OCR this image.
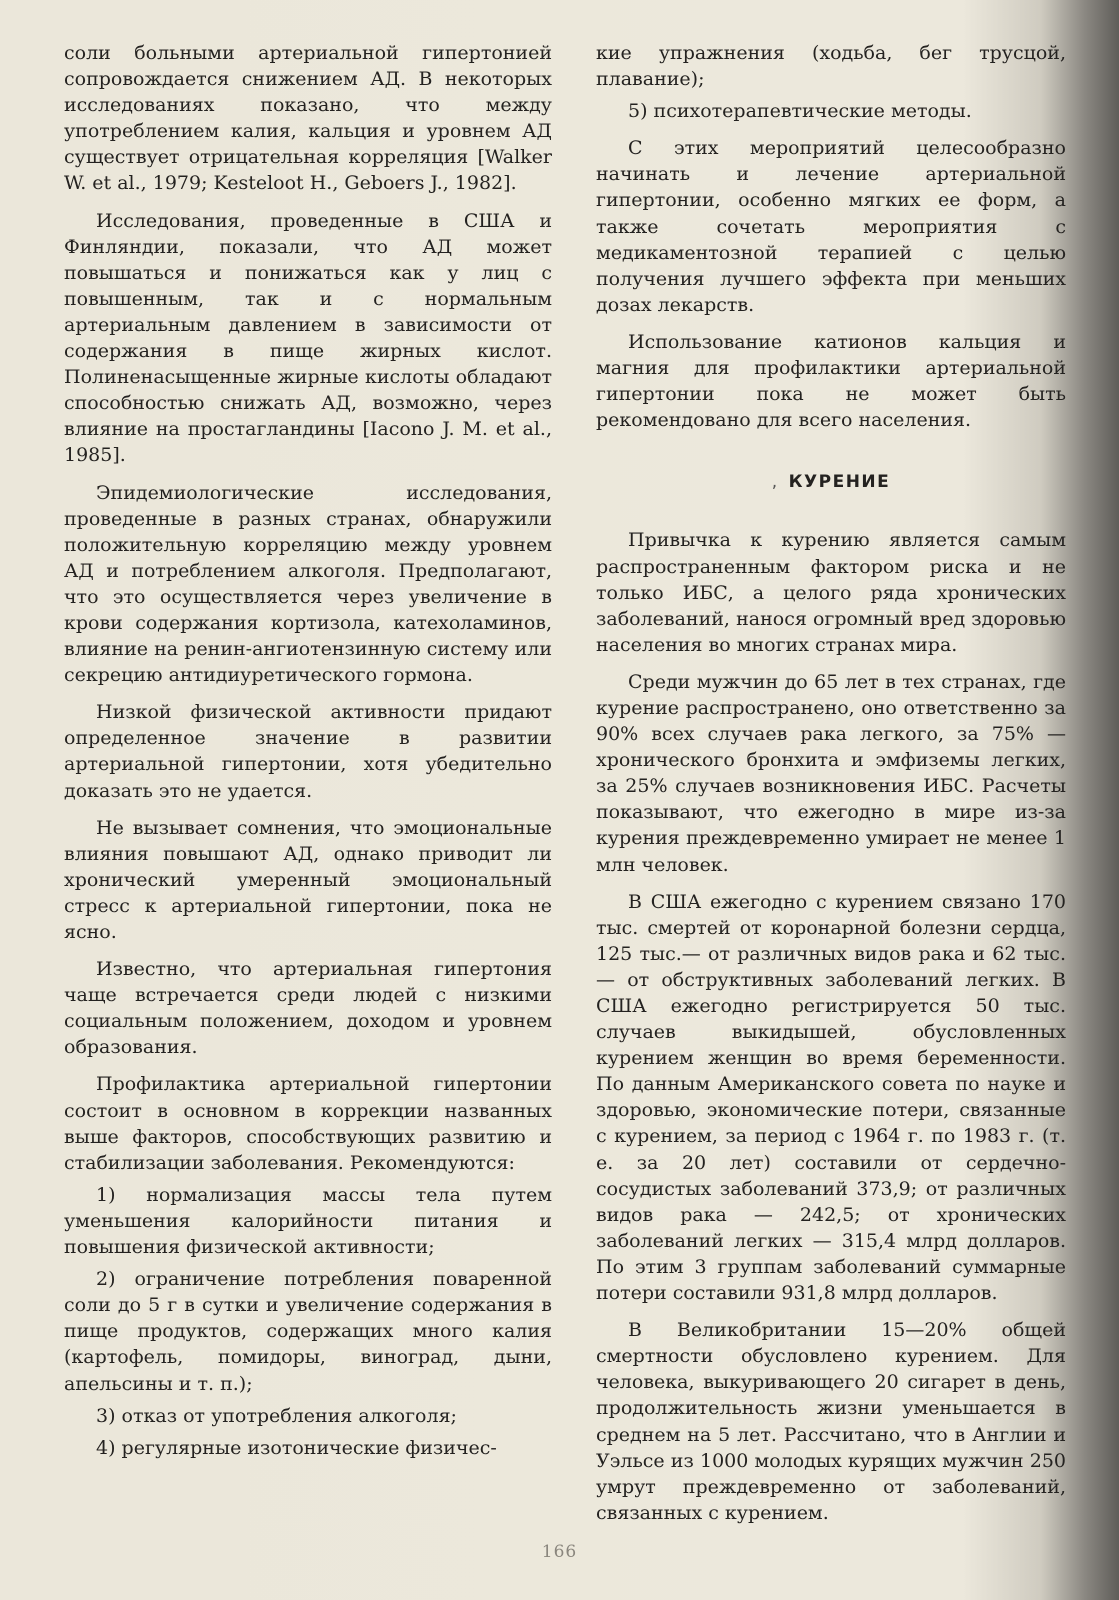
соли больными артериальной гипертонией сопровождается снижением АД. В некоторых исследованиях показано, что между употреблением калия, кальция и уровнем АД существует отрицательная корреляция [Walker W. et al., 1979; Kesteloot Н., Geboers J., 1982].

Исследования, проведенные в США и Финляндии, показали, что АД может повышаться и понижаться как у лиц с повышенным, так и с нормальным артериальным давлением в зависимости от содержания в пище жирных кислот. Полиненасыщенные жирные кислоты обладают способностью снижать АД, возможно, через влияние на простагландины [Iacono J. M. et al., 1985].

Эпидемиологические исследования, проведенные в разных странах, обнаружили положительную корреляцию между уровнем АД и потреблением алкоголя. Предполагают, что это осуществляется через увеличение в крови содержания кортизола, катехоламинов, влияние на ренин-ангиотензинную систему или секрецию антидиуретического гормона.

Низкой физической активности придают определенное значение в развитии артериальной гипертонии, хотя убедительно доказать это не удается.

Не вызывает сомнения, что эмоциональные влияния повышают АД, однако приводит ли хронический умеренный эмоциональный стресс к артериальной гипертонии, пока не ясно.

Известно, что артериальная гипертония чаще встречается среди людей с низкими социальным положением, доходом и уровнем образования.

Профилактика артериальной гипертонии состоит в основном в коррекции названных выше факторов, способствующих развитию и стабилизации заболевания. Рекомендуются:

1) нормализация массы тела путем уменьшения калорийности питания и повышения физической активности;

2) ограничение потребления поваренной соли до 5 г в сутки и увеличение содержания в пище продуктов, содержащих много калия (картофель, помидоры, виноград, дыни, апельсины и т. п.);

3) отказ от употребления алкоголя;

4) регулярные изотонические физичес-

кие упражнения (ходьба, бег трусцой, плавание);

5) психотерапевтические методы.

С этих мероприятий целесообразно начинать и лечение артериальной гипертонии, особенно мягких ее форм, а также сочетать мероприятия с медикаментозной терапией с целью получения лучшего эффекта при меньших дозах лекарств.

Использование катионов кальция и магния для профилактики артериальной гипертонии пока не может быть рекомендовано для всего населения.

, КУРЕНИЕ

Привычка к курению является самым распространенным фактором риска и не только ИБС, а целого ряда хронических заболеваний, нанося огромный вред здоровью населения во многих странах мира.

Среди мужчин до 65 лет в тех странах, где курение распространено, оно ответственно за 90% всех случаев рака легкого, за 75% — хронического бронхита и эмфиземы легких, за 25% случаев возникновения ИБС. Расчеты показывают, что ежегодно в мире из-за курения преждевременно умирает не менее 1 млн человек.

В США ежегодно с курением связано 170 тыс. смертей от коронарной болезни сердца, 125 тыс.— от различных видов рака и 62 тыс.— от обструктивных заболеваний легких. В США ежегодно регистрируется 50 тыс. случаев выкидышей, обусловленных курением женщин во время беременности. По данным Американского совета по науке и здоровью, экономические потери, связанные с курением, за период с 1964 г. по 1983 г. (т. е. за 20 лет) составили от сердечно-сосудистых заболеваний 373,9; от различных видов рака — 242,5; от хронических заболеваний легких — 315,4 млрд долларов. По этим 3 группам заболеваний суммарные потери составили 931,8 млрд долларов.

В Великобритании 15—20% общей смертности обусловлено курением. Для человека, выкуривающего 20 сигарет в день, продолжительность жизни уменьшается в среднем на 5 лет. Рассчитано, что в Англии и Уэльсе из 1000 молодых курящих мужчин 250 умрут преждевременно от заболеваний, связанных с курением.

166
